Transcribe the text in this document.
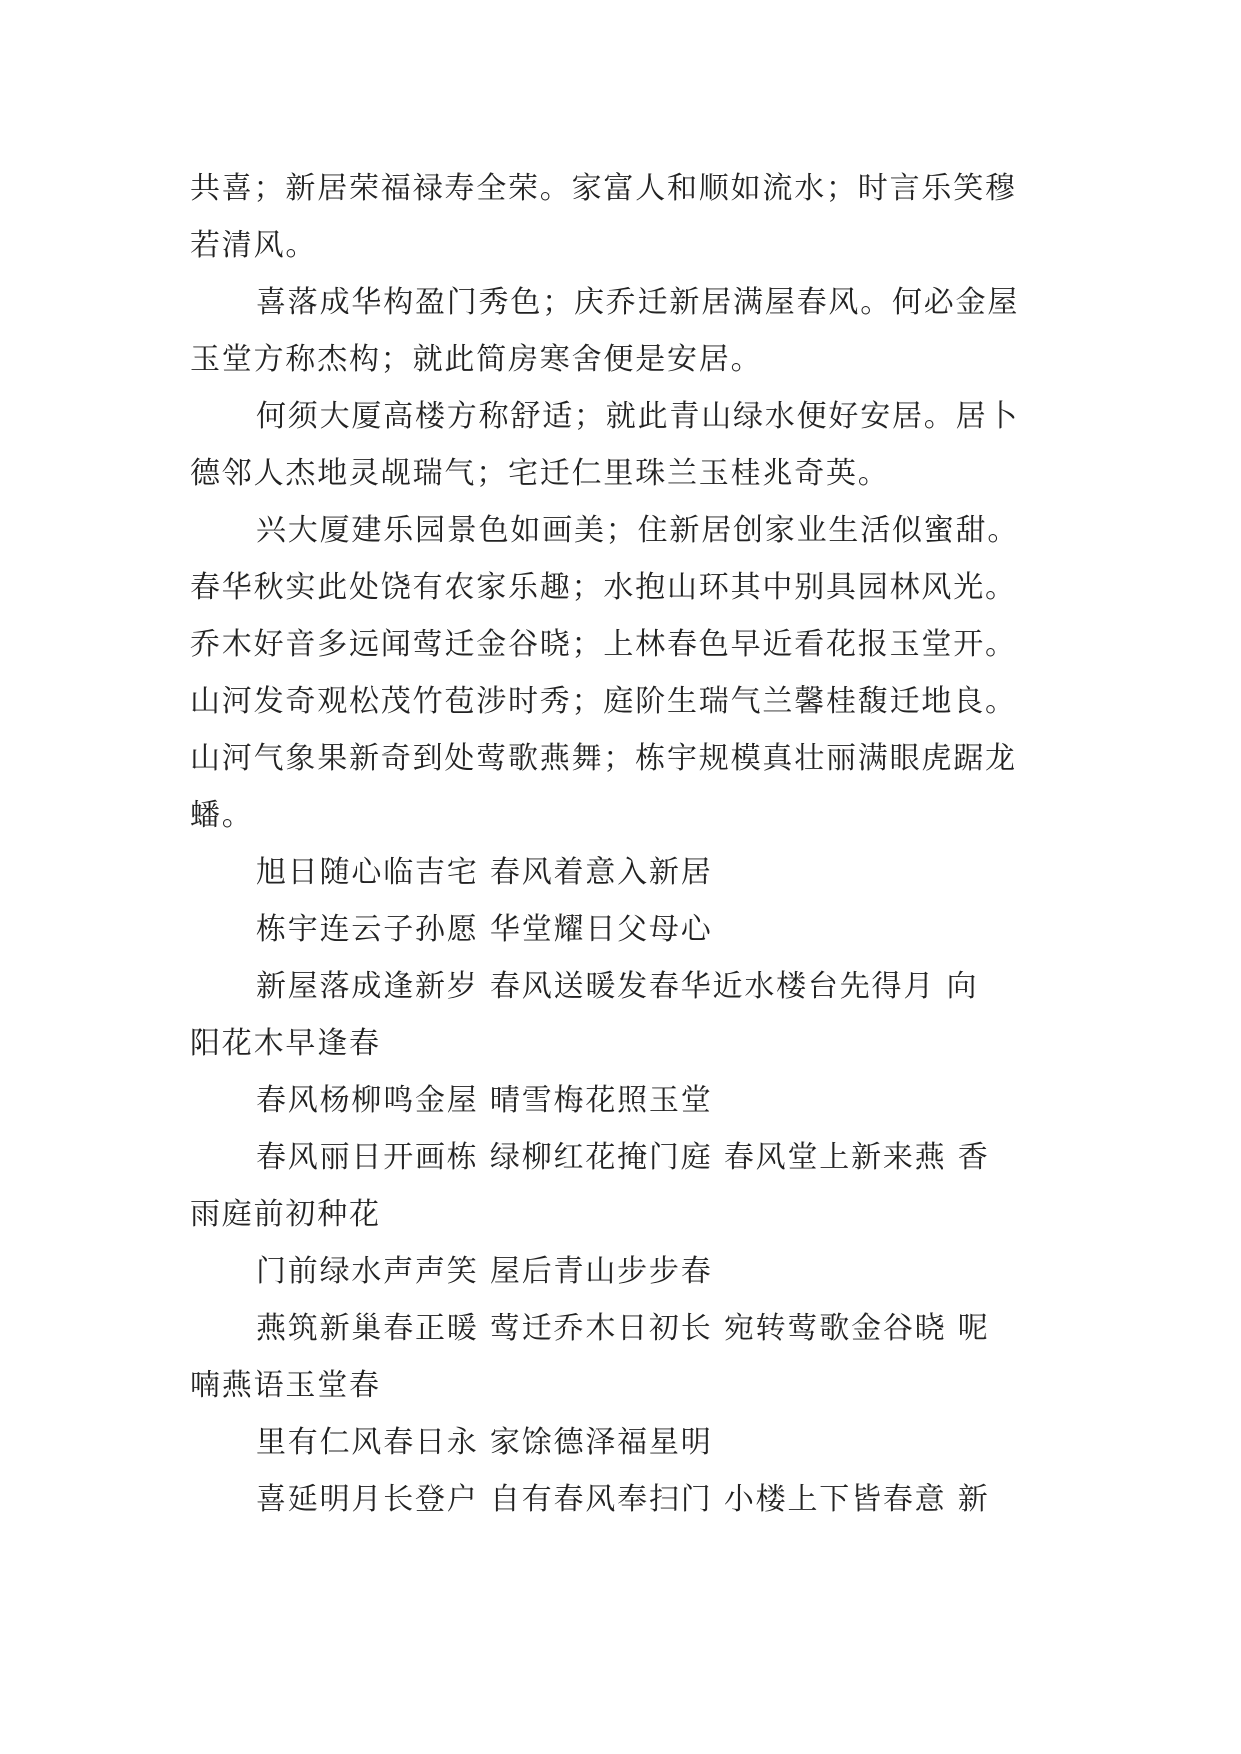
共喜；新居荣福禄寿全荣。家富人和顺如流水；时言乐笑穆
若清风。
喜落成华构盈门秀色；庆乔迁新居满屋春风。何必金屋
玉堂方称杰构；就此简房寒舍便是安居。
何须大厦高楼方称舒适；就此青山绿水便好安居。居卜
德邻人杰地灵觇瑞气；宅迁仁里珠兰玉桂兆奇英。
兴大厦建乐园景色如画美；住新居创家业生活似蜜甜。
春华秋实此处饶有农家乐趣；水抱山环其中别具园林风光。
乔木好音多远闻莺迁金谷晓；上林春色早近看花报玉堂开。
山河发奇观松茂竹苞涉时秀；庭阶生瑞气兰馨桂馥迁地良。
山河气象果新奇到处莺歌燕舞；栋宇规模真壮丽满眼虎踞龙
蟠。
旭日随心临吉宅 春风着意入新居
栋宇连云子孙愿 华堂耀日父母心
新屋落成逢新岁 春风送暖发春华近水楼台先得月 向
阳花木早逢春
春风杨柳鸣金屋 晴雪梅花照玉堂
春风丽日开画栋 绿柳红花掩门庭 春风堂上新来燕 香
雨庭前初种花
门前绿水声声笑 屋后青山步步春
燕筑新巢春正暖 莺迁乔木日初长 宛转莺歌金谷晓 呢
喃燕语玉堂春
里有仁风春日永 家馀德泽福星明
喜延明月长登户 自有春风奉扫门 小楼上下皆春意 新
